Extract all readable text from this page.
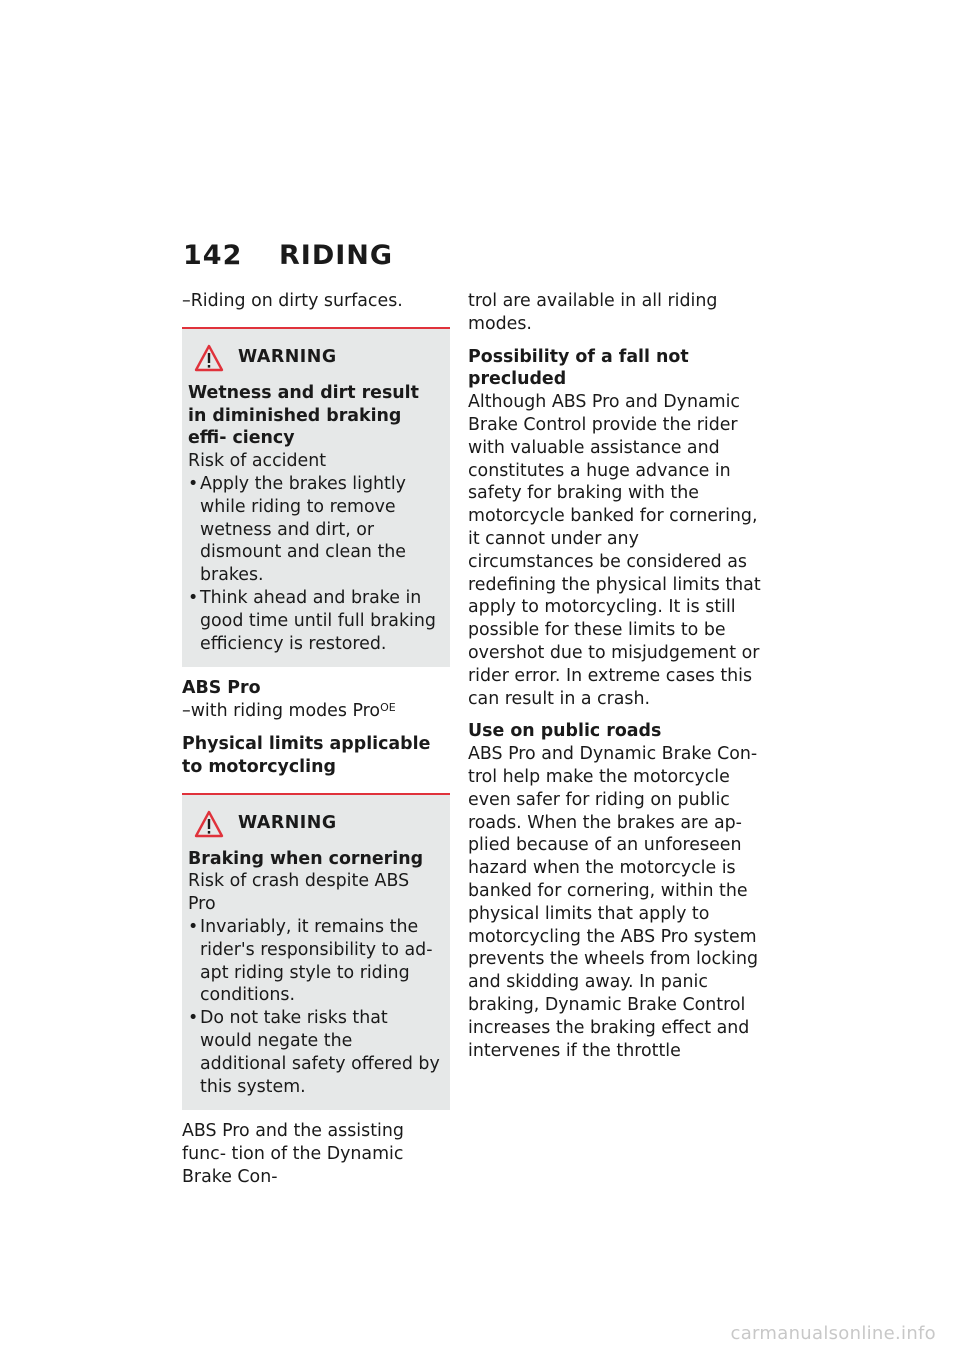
142	RIDING

–Riding on dirty surfaces.

WARNING

Wetness and dirt result in diminished braking effi- ciency

Risk of accident

• Apply the brakes lightly while riding to remove wetness and dirt, or dismount and clean the brakes.
• Think ahead and brake in good time until full braking efficiency is restored.

ABS Pro

–with riding modes Pro$^{OE}$

Physical limits applicable to motorcycling

WARNING

Braking when cornering

Risk of crash despite ABS Pro

• Invariably, it remains the rider's responsibility to ad- apt riding style to riding conditions.
• Do not take risks that would negate the additional safety offered by this system.

ABS Pro and the assisting func- tion of the Dynamic Brake Con-

trol are available in all riding modes.

Possibility of a fall not precluded

Although ABS Pro and Dynamic Brake Control provide the rider with valuable assistance and constitutes a huge advance in safety for braking with the motorcycle banked for cornering, it cannot under any circumstances be considered as redefining the physical limits that apply to motorcycling. It is still possible for these limits to be overshot due to misjudgement or rider error. In extreme cases this can result in a crash.

Use on public roads

ABS Pro and Dynamic Brake Con- trol help make the motorcycle even safer for riding on public roads. When the brakes are ap- plied because of an unforeseen hazard when the motorcycle is banked for cornering, within the physical limits that apply to motorcycling the ABS Pro system prevents the wheels from locking and skidding away. In panic braking, Dynamic Brake Control increases the braking effect and intervenes if the throttle

carmanualsonline.info
